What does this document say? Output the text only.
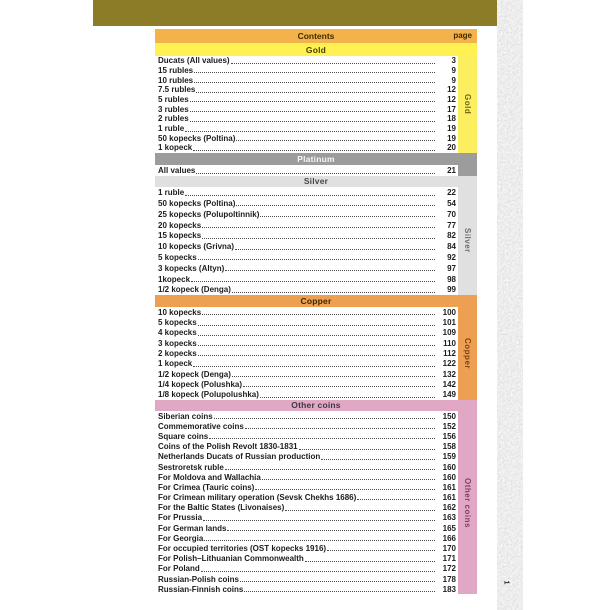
1
Contents	page
Gold
Ducats (All values)	3
15 rubles	9
10 rubles	9
7.5 rubles	12
5 rubles	12
3 rubles	17
2 rubles	18
1 ruble	19
50 kopecks (Poltina)	19
1 kopeck	20
Gold
Platinum
All values	21
Silver
1 ruble	22
50 kopecks (Poltina)	54
25 kopecks (Polupoltinnik)	70
20 kopecks	77
15 kopecks	82
10 kopecks (Grivna)	84
5 kopecks	92
3 kopecks (Altyn)	97
1kopeck	98
1/2 kopeck (Denga)	99
Silver
Copper
10 kopecks	100
5 kopecks	101
4 kopecks	109
3 kopecks	110
2 kopecks	112
1 kopeck	122
1/2 kopeck (Denga)	132
1/4 kopeck (Polushka)	142
1/8 kopeck (Polupolushka)	149
Copper
Other coins
Siberian coins	150
Commemorative coins	152
Square coins	156
Coins of the Polish Revolt 1830-1831	158
Netherlands Ducats of Russian production	159
Sestroretsk ruble	160
For Moldova and Wallachia	160
For Crimea (Tauric coins)	161
For Crimean military operation (Sevsk Chekhs 1686)	161
For the Baltic States (Livonaises)	162
For Prussia	163
For German lands	165
For Georgia	166
For occupied territories (OST kopecks 1916)	170
For Polish–Lithuanian Commonwealth	171
For Poland	172
Russian-Polish coins	178
Russian-Finnish coins	183
Other coins
